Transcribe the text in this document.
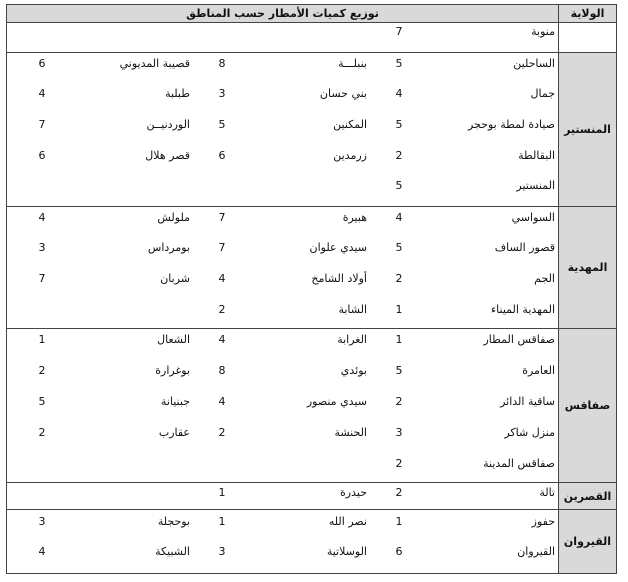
توزيع كميات الأمطار حسب المناطق	الولاية
المنستير
المهدية
صفاقس
القصرين
القيروان
منوبة
7
الساحلين
5
بنبلـــة
8
قصيبة المديوني
6
جمال
4
بني حسان
3
طبلبة
4
صيادة لمطة بوحجر
5
المكنين
5
الوردنيــن
7
البقالطة
2
زرمدين
6
قصر هلال
6
المنستير
5
السواسي
4
هبيرة
7
ملولش
4
قصور الساف
5
سيدي علوان
7
بومرداس
3
الجم
2
أولاد الشامخ
4
شربان
7
المهدية الميناء
1
الشابة
2
صفاقس المطار
1
الغرابة
4
الشعال
1
العامرة
5
بوئدي
8
بوغرارة
2
ساقية الدائر
2
سيدي منصور
4
جبنيانة
5
منزل شاكر
3
الحنشة
2
عقارب
2
صفاقس المدينة
2
تالة
2
حيدرة
1
حفوز
1
نصر الله
1
بوحجلة
3
القيروان
6
الوسلاتية
3
الشبيكة
4
